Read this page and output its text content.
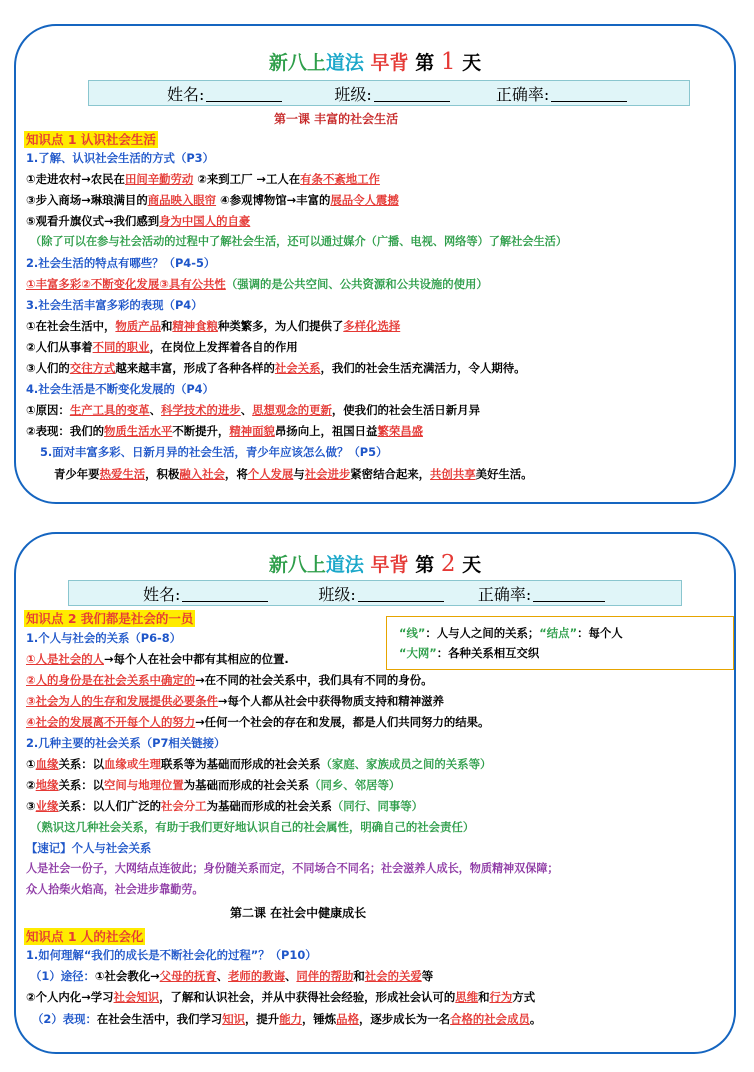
新八上道法 早背 第 1 天
姓名:	班级:	正确率:
第一课 丰富的社会生活
知识点 1 认识社会生活
1.了解、认识社会生活的方式（P3）
①走进农村→农民在田间辛勤劳动 ②来到工厂 →工人在有条不紊地工作
③步入商场→琳琅满目的商品映入眼帘 ④参观博物馆→丰富的展品令人震撼
⑤观看升旗仪式→我们感到身为中国人的自豪
（除了可以在参与社会活动的过程中了解社会生活，还可以通过媒介（广播、电视、网络等）了解社会生活）
2.社会生活的特点有哪些？（P4-5）
①丰富多彩②不断变化发展③具有公共性（强调的是公共空间、公共资源和公共设施的使用）
3.社会生活丰富多彩的表现（P4）
①在社会生活中，物质产品和精神食粮种类繁多，为人们提供了多样化选择
②人们从事着不同的职业，在岗位上发挥着各自的作用
③人们的交往方式越来越丰富，形成了各种各样的社会关系，我们的社会生活充满活力，令人期待。
4.社会生活是不断变化发展的（P4）
①原因：生产工具的变革、科学技术的进步、思想观念的更新，使我们的社会生活日新月异
②表现：我们的物质生活水平不断提升，精神面貌昂扬向上，祖国日益繁荣昌盛
5.面对丰富多彩、日新月异的社会生活，青少年应该怎么做？（P5）
青少年要热爱生活，积极融入社会，将个人发展与社会进步紧密结合起来，共创共享美好生活。
新八上道法 早背 第 2 天
姓名:	班级:	正确率:
知识点 2 我们都是社会的一员
“线”：人与人之间的关系；“结点”：每个人
“大网”：各种关系相互交织
1.个人与社会的关系（P6-8）
①人是社会的人→每个人在社会中都有其相应的位置.
②人的身份是在社会关系中确定的→在不同的社会关系中，我们具有不同的身份。
③社会为人的生存和发展提供必要条件→每个人都从社会中获得物质支持和精神滋养
④社会的发展离不开每个人的努力→任何一个社会的存在和发展，都是人们共同努力的结果。
2.几种主要的社会关系（P7相关链接）
①血缘关系：以血缘或生理联系等为基础而形成的社会关系（家庭、家族成员之间的关系等）
②地缘关系：以空间与地理位置为基础而形成的社会关系（同乡、邻居等）
③业缘关系：以人们广泛的社会分工为基础而形成的社会关系（同行、同事等）
（熟识这几种社会关系，有助于我们更好地认识自己的社会属性，明确自己的社会责任）
【速记】个人与社会关系
人是社会一份子，大网结点连彼此；身份随关系而定，不同场合不同名；社会滋养人成长，物质精神双保障；
众人拾柴火焰高，社会进步靠勤劳。
第二课 在社会中健康成长
知识点 1 人的社会化
1.如何理解“我们的成长是不断社会化的过程”？（P10）
（1）途径：①社会教化→父母的抚育、老师的教诲、同伴的帮助和社会的关爱等
②个人内化→学习社会知识，了解和认识社会，并从中获得社会经验，形成社会认可的思维和行为方式
（2）表现：在社会生活中，我们学习知识，提升能力，锤炼品格，逐步成长为一名合格的社会成员。
